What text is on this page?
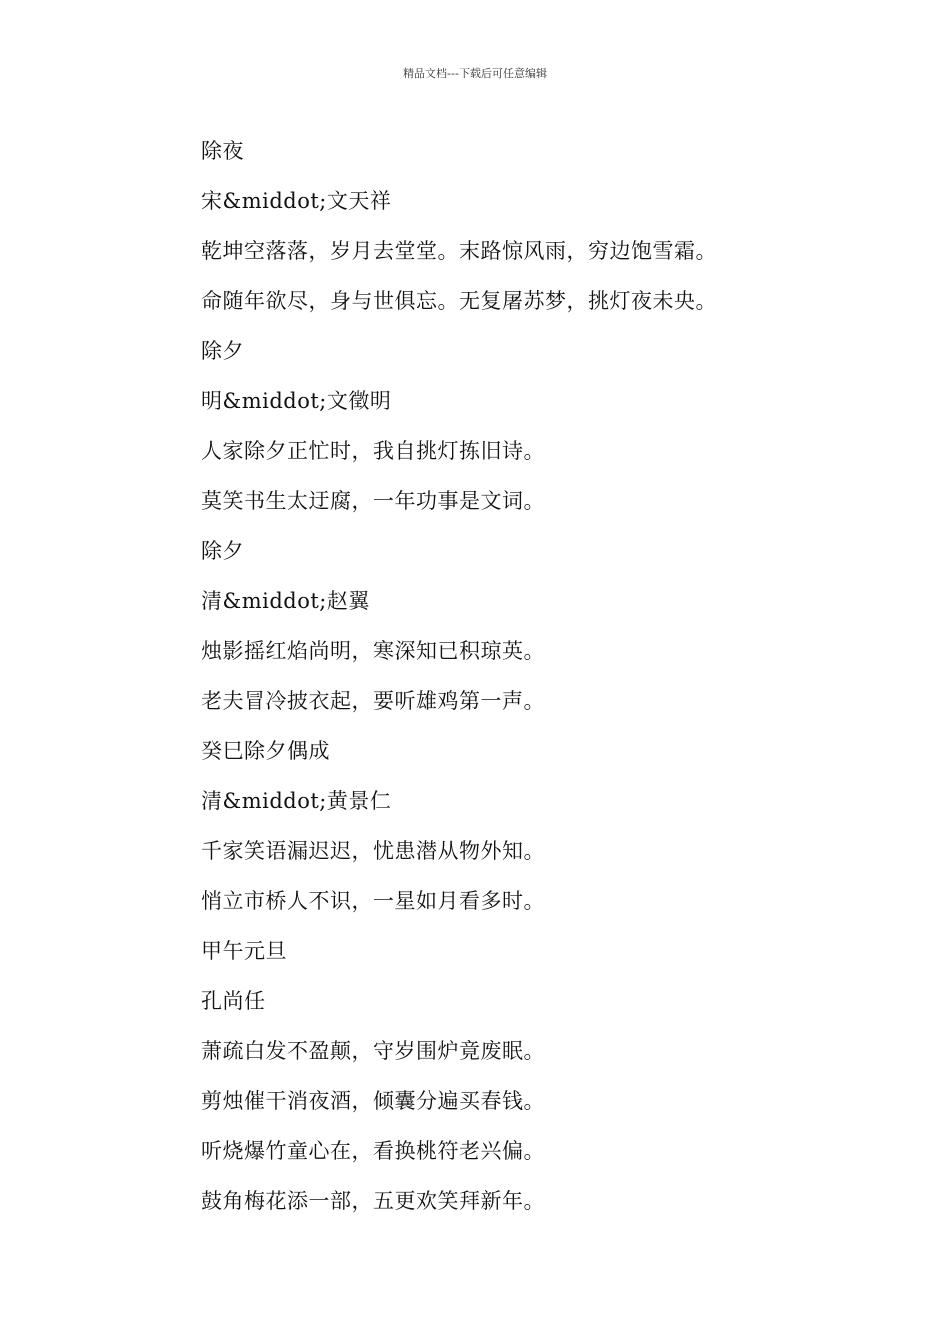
精品文档---下载后可任意编辑
除夜
宋&middot;文天祥
乾坤空落落，岁月去堂堂。末路惊风雨，穷边饱雪霜。
命随年欲尽，身与世俱忘。无复屠苏梦，挑灯夜未央。
除夕
明&middot;文徵明
人家除夕正忙时，我自挑灯拣旧诗。
莫笑书生太迂腐，一年功事是文词。
除夕
清&middot;赵翼
烛影摇红焰尚明，寒深知已积琼英。
老夫冒冷披衣起，要听雄鸡第一声。
癸巳除夕偶成
清&middot;黄景仁
千家笑语漏迟迟，忧患潜从物外知。
悄立市桥人不识，一星如月看多时。
甲午元旦
孔尚任
萧疏白发不盈颠，守岁围炉竟废眠。
剪烛催干消夜酒，倾囊分遍买春钱。
听烧爆竹童心在，看换桃符老兴偏。
鼓角梅花添一部，五更欢笑拜新年。
